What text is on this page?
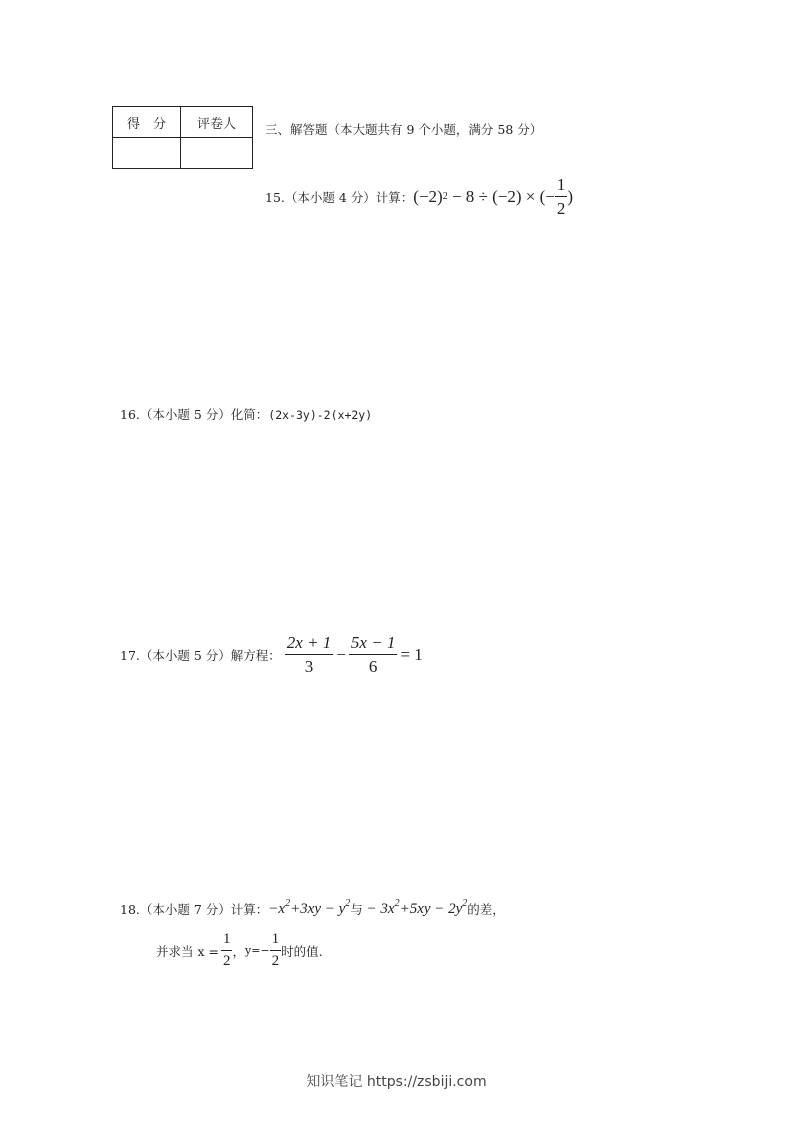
得　分	评卷人
	三、解答题（本大题共有 9 个小题，满分 58 分）
15.（本小题 4 分）计算： (−2) 2 − 8 ÷ (−2) × (− $\frac{1}{2}$ )
16.（本小题 5 分）化简：(2x-3y)-2(x+2y)
17.（本小题 5 分）解方程： $\frac{2x + 1}{3} - \frac{5x - 1}{6} = 1$
18.（本小题 7 分）计算： $-x^2+3xy - y^2$ 与 − $3x^2+5xy - 2y^2$ 的差，
并求当 $x = \frac{1}{2}$ ， $y=- \frac{1}{2}$ 时的值.
知识笔记 https://zsbiji.com
